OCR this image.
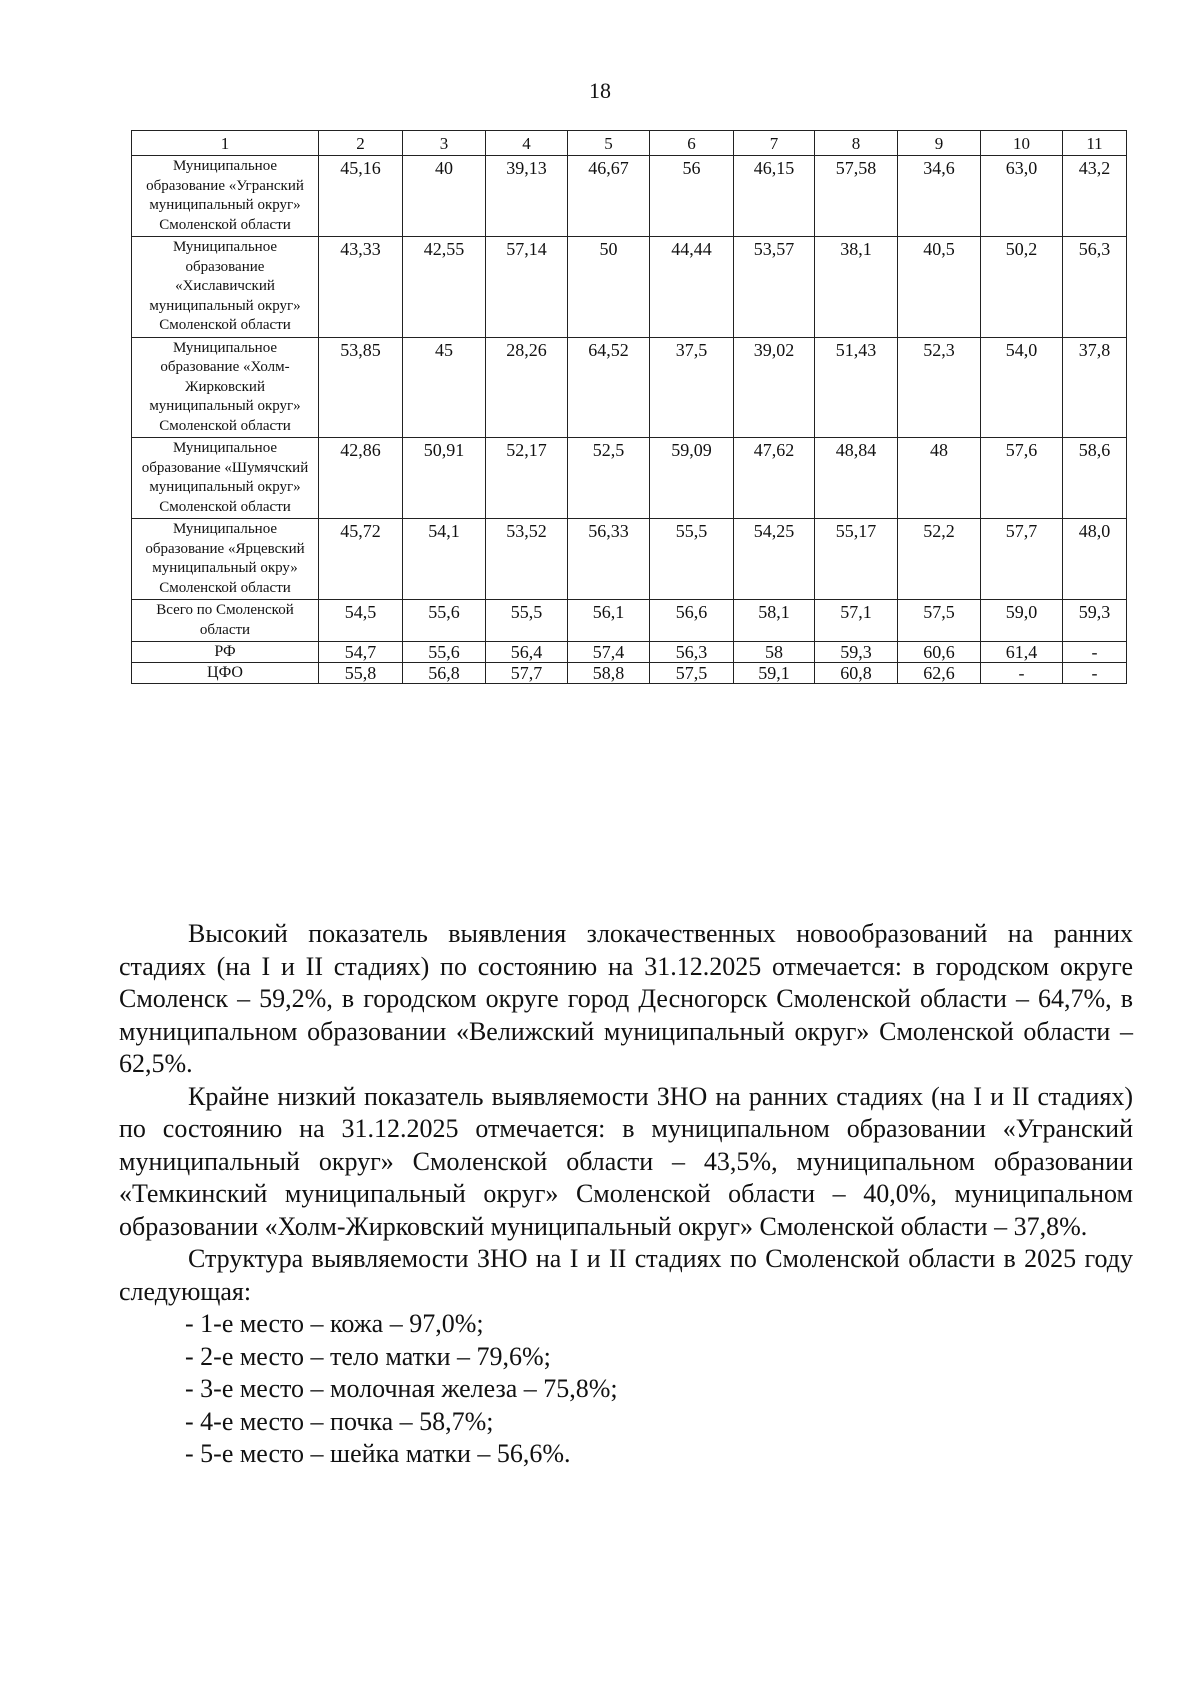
18
1	2	3	4	5	6	7	8	9	10	11
Муниципальное образование «Угранский муниципальный округ» Смоленской области	45,16	40	39,13	46,67	56	46,15	57,58	34,6	63,0	43,2
Муниципальное образование «Хиславичский муниципальный округ» Смоленской области	43,33	42,55	57,14	50	44,44	53,57	38,1	40,5	50,2	56,3
Муниципальное образование «Холм-Жирковский муниципальный округ» Смоленской области	53,85	45	28,26	64,52	37,5	39,02	51,43	52,3	54,0	37,8
Муниципальное образование «Шумячский муниципальный округ» Смоленской области	42,86	50,91	52,17	52,5	59,09	47,62	48,84	48	57,6	58,6
Муниципальное образование «Ярцевский муниципальный окру» Смоленской области	45,72	54,1	53,52	56,33	55,5	54,25	55,17	52,2	57,7	48,0
Всего по Смоленской области	54,5	55,6	55,5	56,1	56,6	58,1	57,1	57,5	59,0	59,3
РФ	54,7	55,6	56,4	57,4	56,3	58	59,3	60,6	61,4	-
ЦФО	55,8	56,8	57,7	58,8	57,5	59,1	60,8	62,6	-	-

Высокий показатель выявления злокачественных новообразований на ранних стадиях (на I и II стадиях) по состоянию на 31.12.2025 отмечается: в городском округе Смоленск – 59,2%, в городском округе город Десногорск Смоленской области – 64,7%, в муниципальном образовании «Велижский муниципальный округ» Смоленской области – 62,5%.

Крайне низкий показатель выявляемости ЗНО на ранних стадиях (на I и II стадиях) по состоянию на 31.12.2025 отмечается: в муниципальном образовании «Угранский муниципальный округ» Смоленской области – 43,5%, муниципальном образовании «Темкинский муниципальный округ» Смоленской области – 40,0%, муниципальном образовании «Холм-Жирковский муниципальный округ» Смоленской области – 37,8%.

Структура выявляемости ЗНО на I и II стадиях по Смоленской области в 2025 году следующая:

- 1-е место – кожа – 97,0%;
- 2-е место – тело матки – 79,6%;
- 3-е место – молочная железа – 75,8%;
- 4-е место – почка – 58,7%;
- 5-е место – шейка матки – 56,6%.
